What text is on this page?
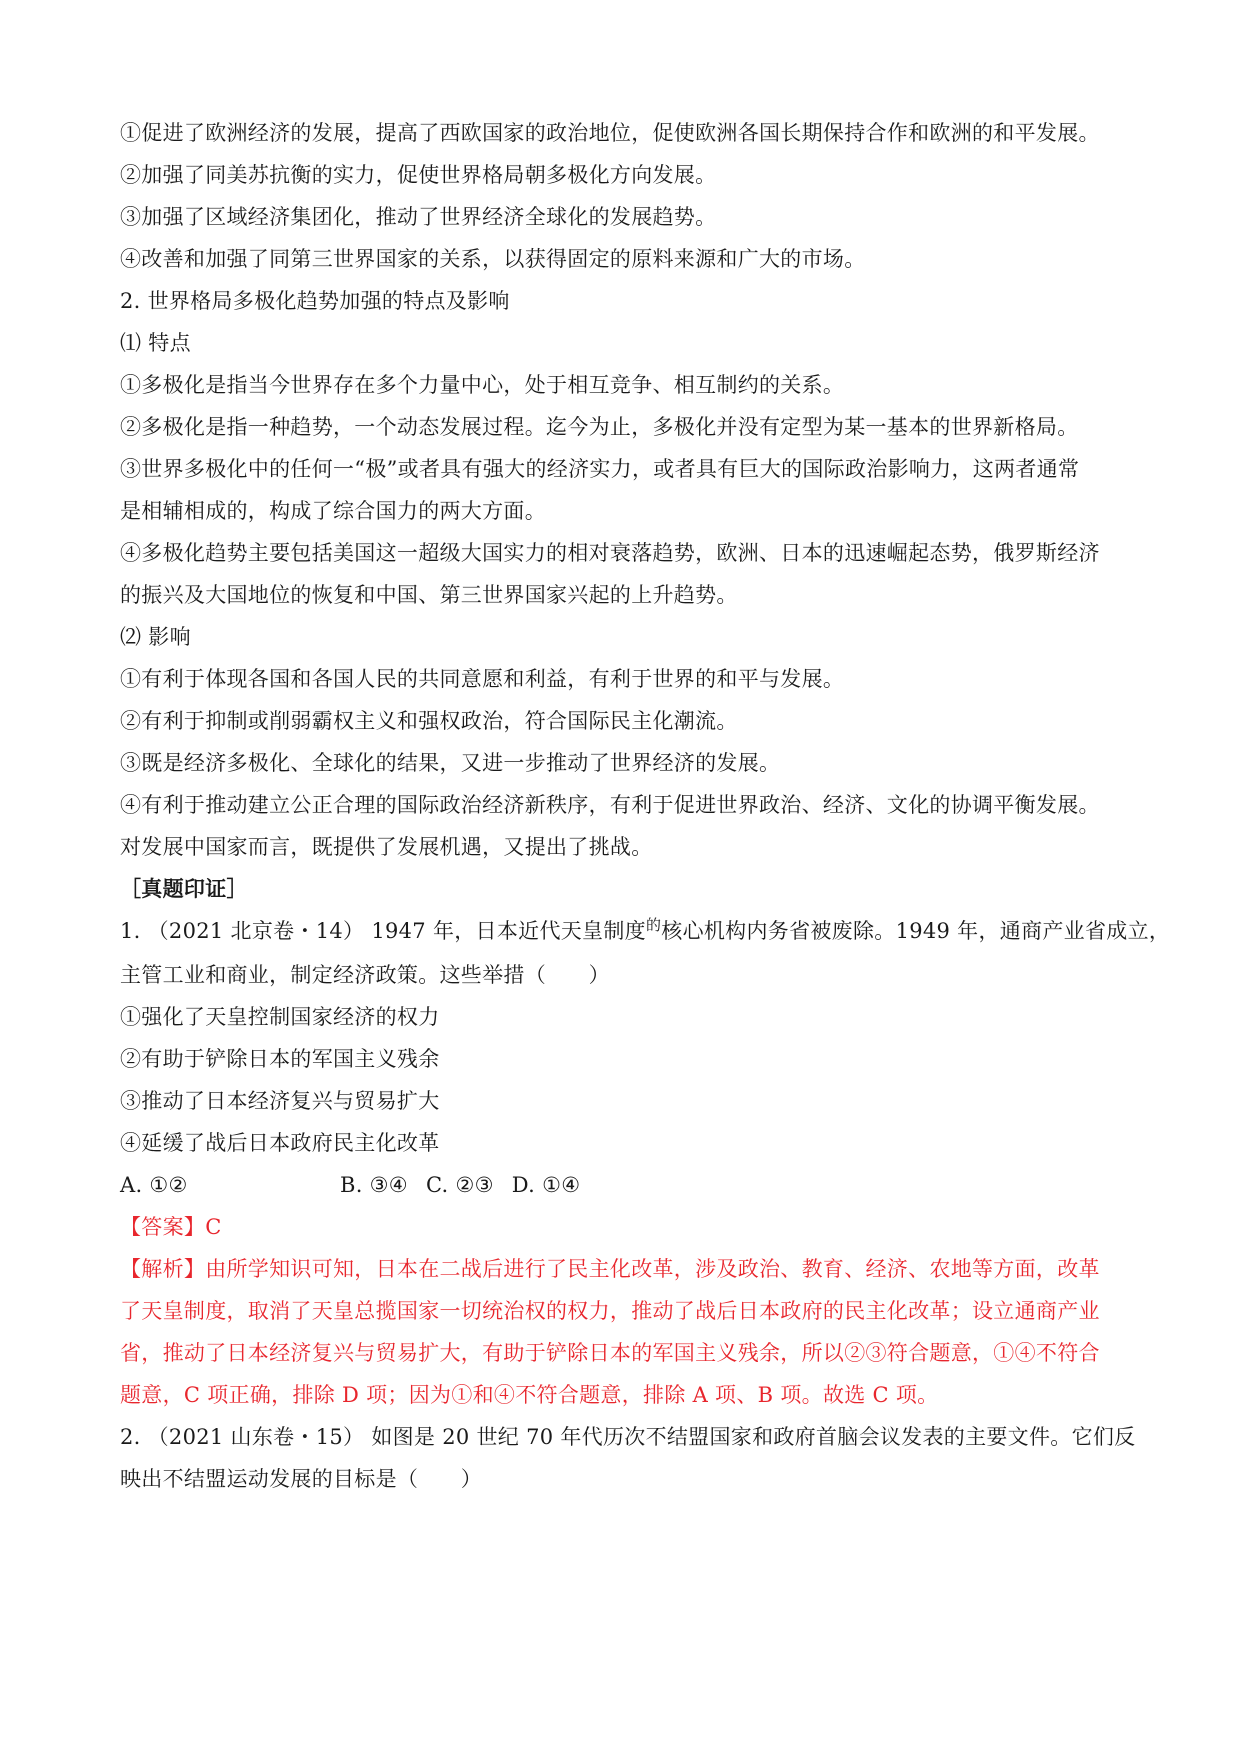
①促进了欧洲经济的发展，提高了西欧国家的政治地位，促使欧洲各国长期保持合作和欧洲的和平发展。
②加强了同美苏抗衡的实力，促使世界格局朝多极化方向发展。
③加强了区域经济集团化，推动了世界经济全球化的发展趋势。
④改善和加强了同第三世界国家的关系，以获得固定的原料来源和广大的市场。
2. 世界格局多极化趋势加强的特点及影响
⑴ 特点
①多极化是指当今世界存在多个力量中心，处于相互竞争、相互制约的关系。
②多极化是指一种趋势，一个动态发展过程。迄今为止，多极化并没有定型为某一基本的世界新格局。
③世界多极化中的任何一“极”或者具有强大的经济实力，或者具有巨大的国际政治影响力，这两者通常
是相辅相成的，构成了综合国力的两大方面。
④多极化趋势主要包括美国这一超级大国实力的相对衰落趋势，欧洲、日本的迅速崛起态势，俄罗斯经济
的振兴及大国地位的恢复和中国、第三世界国家兴起的上升趋势。
⑵ 影响
①有利于体现各国和各国人民的共同意愿和利益，有利于世界的和平与发展。
②有利于抑制或削弱霸权主义和强权政治，符合国际民主化潮流。
③既是经济多极化、全球化的结果，又进一步推动了世界经济的发展。
④有利于推动建立公正合理的国际政治经济新秩序，有利于促进世界政治、经济、文化的协调平衡发展。
对发展中国家而言，既提供了发展机遇，又提出了挑战。
［真题印证］
1. （2021 北京卷・14） 1947 年，日本近代天皇制度$^的$核心机构内务省被废除。1949 年，通商产业省成立，
主管工业和商业，制定经济政策。这些举措（　　）
①强化了天皇控制国家经济的权力
②有助于铲除日本的军国主义残余
③推动了日本经济复兴与贸易扩大
④延缓了战后日本政府民主化改革
A. ①②	B. ③④ C. ②③ D. ①④
【答案】C
【解析】由所学知识可知，日本在二战后进行了民主化改革，涉及政治、教育、经济、农地等方面，改革
了天皇制度，取消了天皇总揽国家一切统治权的权力，推动了战后日本政府的民主化改革；设立通商产业
省，推动了日本经济复兴与贸易扩大，有助于铲除日本的军国主义残余，所以②③符合题意，①④不符合
题意，C 项正确，排除 D 项；因为①和④不符合题意，排除 A 项、B 项。故选 C 项。
2. （2021 山东卷・15） 如图是 20 世纪 70 年代历次不结盟国家和政府首脑会议发表的主要文件。它们反
映出不结盟运动发展的目标是（　　）
